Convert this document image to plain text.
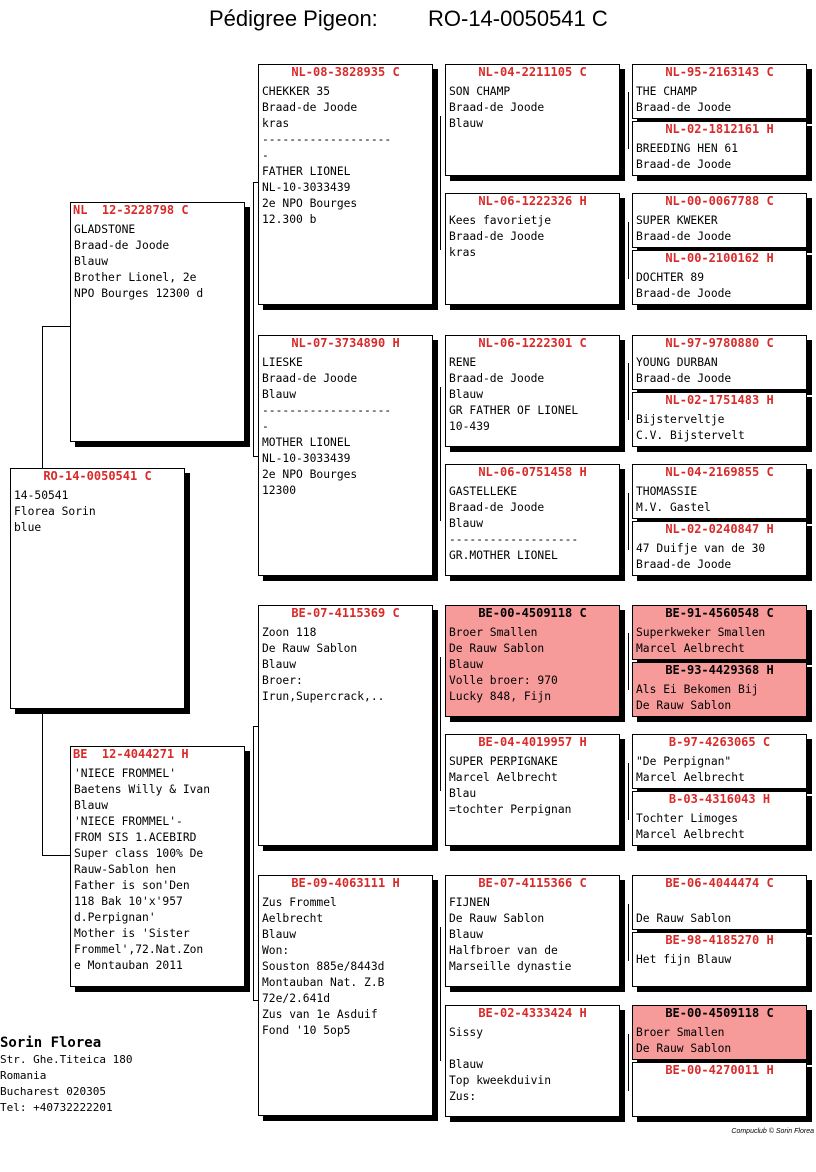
Pédigree Pigeon: RO-14-0050541 C
RO-14-0050541 C
14-50541
Florea Sorin
blue
NL  12-3228798 C
GLADSTONE
Braad-de Joode
Blauw
Brother Lionel, 2e
NPO Bourges 12300 d
BE  12-4044271 H
'NIECE FROMMEL'
Baetens Willy & Ivan
Blauw
'NIECE FROMMEL'-
FROM SIS 1.ACEBIRD
Super class 100% De
Rauw-Sablon hen
Father is son'Den
118 Bak 10'x'957
d.Perpignan'
Mother is 'Sister
Frommel',72.Nat.Zon
e Montauban 2011
NL-08-3828935 C
CHEKKER 35
Braad-de Joode
kras
-------------------
-
FATHER LIONEL
NL-10-3033439
2e NPO Bourges
12.300 b
NL-07-3734890 H
LIESKE
Braad-de Joode
Blauw
-------------------
-
MOTHER LIONEL
NL-10-3033439
2e NPO Bourges
12300
BE-07-4115369 C
Zoon 118
De Rauw Sablon
Blauw
Broer:
Irun,Supercrack,..
BE-09-4063111 H
Zus Frommel
Aelbrecht
Blauw
Won:
Souston 885e/8443d
Montauban Nat. Z.B
72e/2.641d
Zus van 1e Asduif
Fond '10 5op5
NL-04-2211105 C
SON CHAMP
Braad-de Joode
Blauw
NL-06-1222326 H
Kees favorietje
Braad-de Joode
kras
NL-06-1222301 C
RENE
Braad-de Joode
Blauw
GR FATHER OF LIONEL
10-439
NL-06-0751458 H
GASTELLEKE
Braad-de Joode
Blauw
-------------------
GR.MOTHER LIONEL
BE-00-4509118 C
Broer Smallen
De Rauw Sablon
Blauw
Volle broer: 970
Lucky 848, Fijn
BE-04-4019957 H
SUPER PERPIGNAKE
Marcel Aelbrecht
Blau
=tochter Perpignan
BE-07-4115366 C
FIJNEN
De Rauw Sablon
Blauw
Halfbroer van de
Marseille dynastie
BE-02-4333424 H
Sissy

Blauw
Top kweekduivin
Zus:
NL-95-2163143 C
THE CHAMP
Braad-de Joode
NL-02-1812161 H
BREEDING HEN 61
Braad-de Joode
NL-00-0067788 C
SUPER KWEKER
Braad-de Joode
NL-00-2100162 H
DOCHTER 89
Braad-de Joode
NL-97-9780880 C
YOUNG DURBAN
Braad-de Joode
NL-02-1751483 H
Bijsterveltje
C.V. Bijstervelt
NL-04-2169855 C
THOMASSIE
M.V. Gastel
NL-02-0240847 H
47 Duifje van de 30
Braad-de Joode
BE-91-4560548 C
Superkweker Smallen
Marcel Aelbrecht
BE-93-4429368 H
Als Ei Bekomen Bij
De Rauw Sablon
B-97-4263065 C
"De Perpignan"
Marcel Aelbrecht
B-03-4316043 H
Tochter Limoges
Marcel Aelbrecht
BE-06-4044474 C

De Rauw Sablon
BE-98-4185270 H
Het fijn Blauw
BE-00-4509118 C
Broer Smallen
De Rauw Sablon
BE-00-4270011 H
Sorin Florea
Str. Ghe.Titeica 180
Romania
Bucharest 020305
Tel: +40732222201
Compuclub © Sorin Florea
